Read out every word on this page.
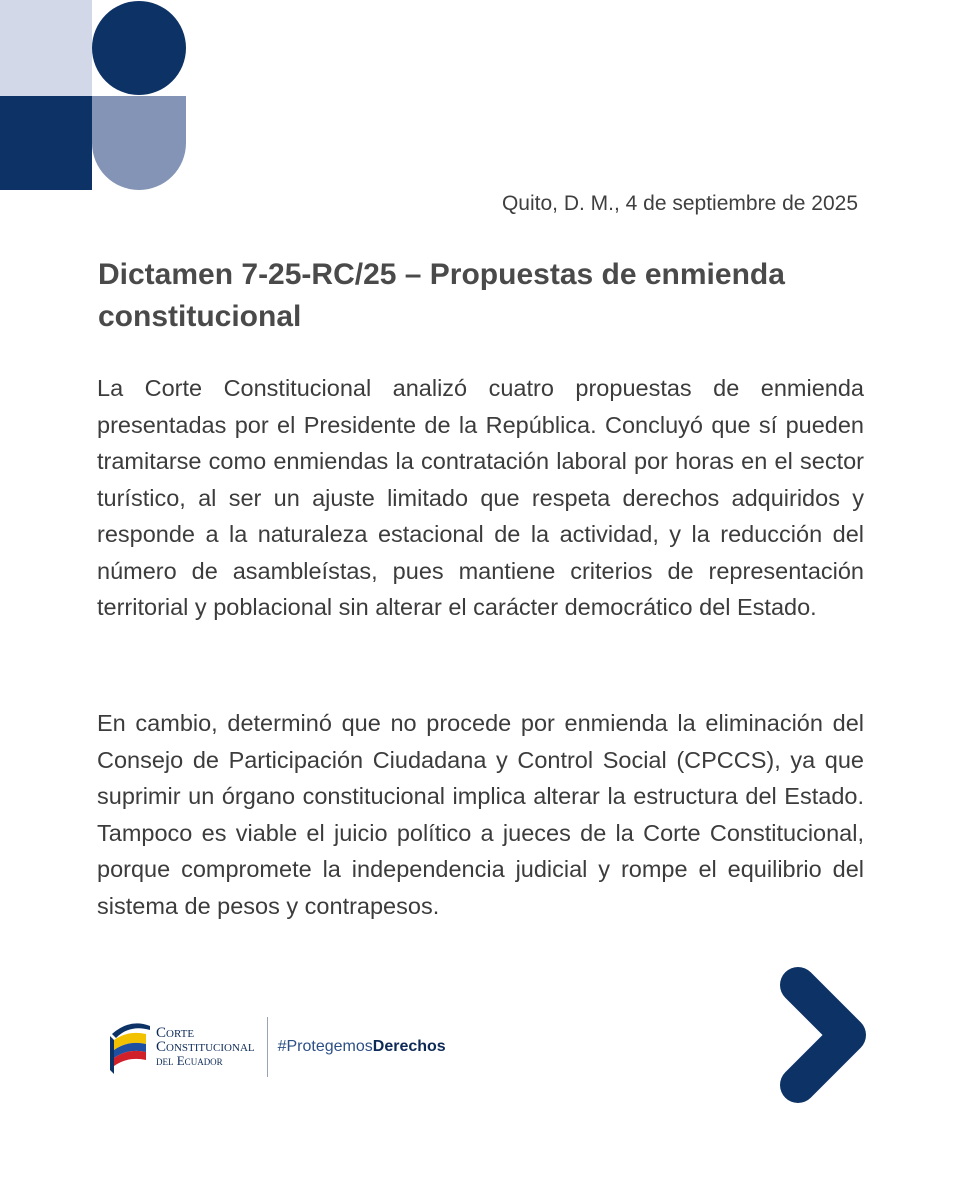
Quito, D. M., 4 de septiembre de 2025
Dictamen 7-25-RC/25 – Propuestas de enmienda constitucional

La Corte Constitucional analizó cuatro propuestas de enmienda presentadas por el Presidente de la República. Concluyó que sí pueden tramitarse como enmiendas la contratación laboral por horas en el sector turístico, al ser un ajuste limitado que respeta derechos adquiridos y responde a la naturaleza estacional de la actividad, y la reducción del número de asambleístas, pues mantiene criterios de representación territorial y poblacional sin alterar el carácter democrático del Estado.

En cambio, determinó que no procede por enmienda la eliminación del Consejo de Participación Ciudadana y Control Social (CPCCS), ya que suprimir un órgano constitucional implica alterar la estructura del Estado. Tampoco es viable el juicio político a jueces de la Corte Constitucional, porque compromete la independencia judicial y rompe el equilibrio del sistema de pesos y contrapesos.

Corte
Constitucional
del Ecuador
#ProtegemosDerechos
